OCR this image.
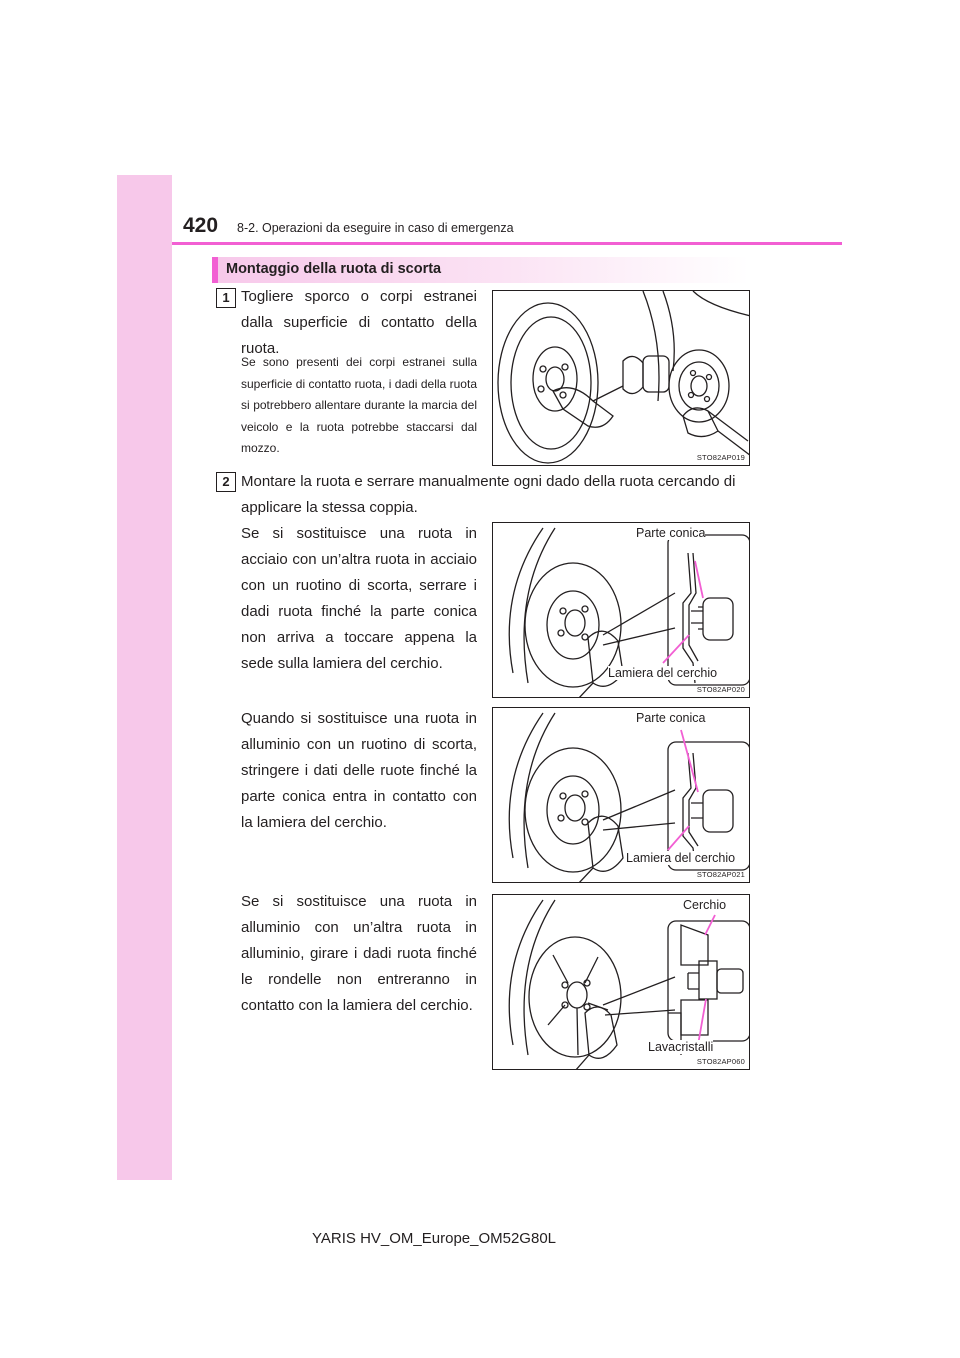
420 8-2. Operazioni da eseguire in caso di emergenza
Montaggio della ruota di scorta
1 Togliere sporco o corpi estranei dalla superficie di contatto della ruota.
Se sono presenti dei corpi estranei sulla superficie di contatto ruota, i dadi della ruota si potrebbero allentare durante la marcia del veicolo e la ruota potrebbe staccarsi dal mozzo.
STO82AP019
2 Montare la ruota e serrare manualmente ogni dado della ruota cercando di applicare la stessa coppia.
Se si sostituisce una ruota in acciaio con un’altra ruota in acciaio con un ruotino di scorta, serrare i dadi ruota finché la parte conica non arriva a toccare appena la sede sulla lamiera del cerchio.
Parte conica
Lamiera del cerchio
STO82AP020
Quando si sostituisce una ruota in alluminio con un ruotino di scorta, stringere i dati delle ruote finché la parte conica entra in contatto con la lamiera del cerchio.
Parte conica
Lamiera del cerchio
STO82AP021
Se si sostituisce una ruota in alluminio con un’altra ruota in alluminio, girare i dadi ruota finché le rondelle non entreranno in contatto con la lamiera del cerchio.
Cerchio
Lavacristalli
STO82AP060
YARIS HV_OM_Europe_OM52G80L
